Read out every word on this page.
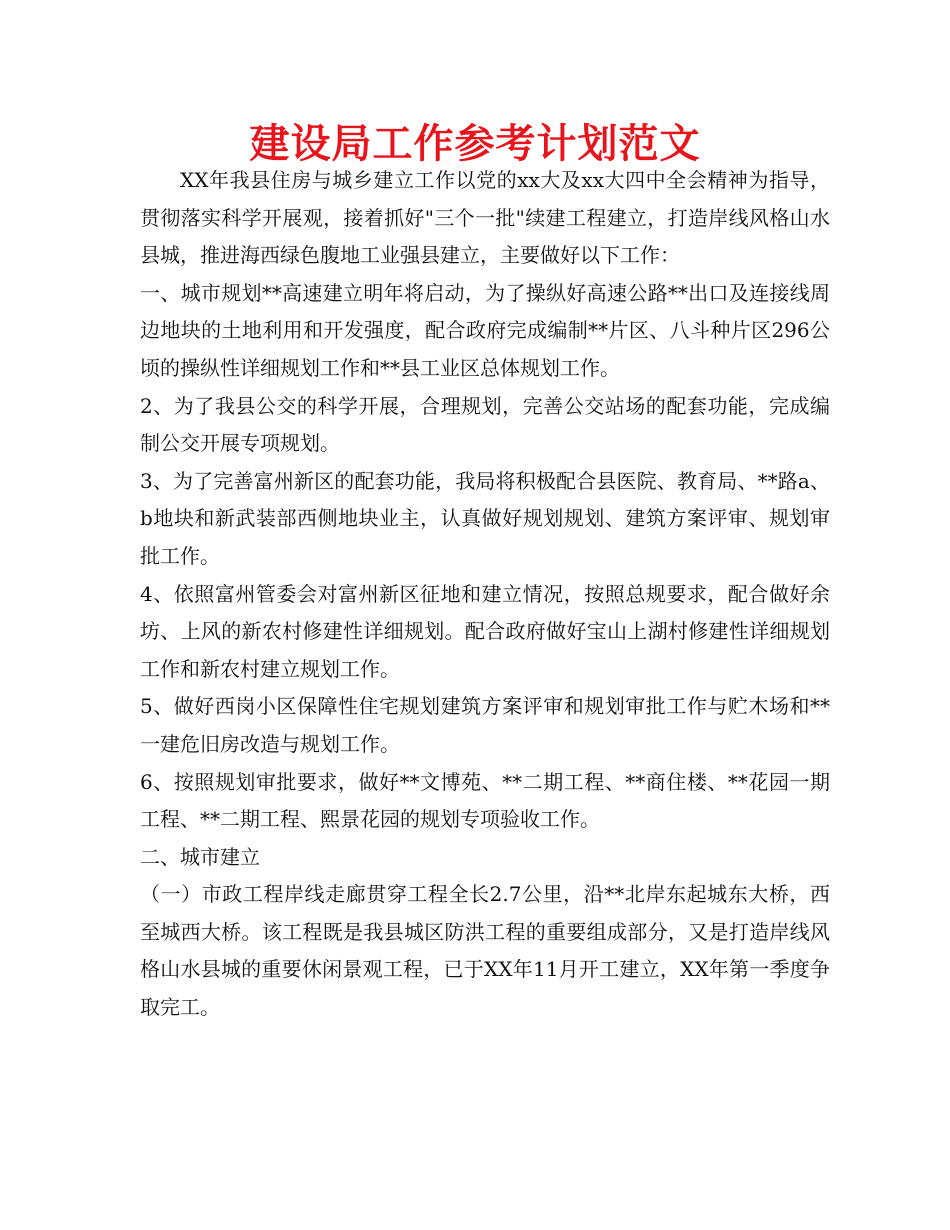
建设局工作参考计划范文

XX年我县住房与城乡建立工作以党的xx大及xx大四中全会精神为指导，贯彻落实科学开展观，接着抓好"三个一批"续建工程建立，打造岸线风格山水县城，推进海西绿色腹地工业强县建立，主要做好以下工作：

一、城市规划**高速建立明年将启动，为了操纵好高速公路**出口及连接线周边地块的土地利用和开发强度，配合政府完成编制**片区、八斗种片区296公顷的操纵性详细规划工作和**县工业区总体规划工作。

2、为了我县公交的科学开展，合理规划，完善公交站场的配套功能，完成编制公交开展专项规划。

3、为了完善富州新区的配套功能，我局将积极配合县医院、教育局、**路a、b地块和新武装部西侧地块业主，认真做好规划规划、建筑方案评审、规划审批工作。

4、依照富州管委会对富州新区征地和建立情况，按照总规要求，配合做好余坊、上风的新农村修建性详细规划。配合政府做好宝山上湖村修建性详细规划工作和新农村建立规划工作。

5、做好西岗小区保障性住宅规划建筑方案评审和规划审批工作与贮木场和**一建危旧房改造与规划工作。

6、按照规划审批要求，做好**文博苑、**二期工程、**商住楼、**花园一期工程、**二期工程、熙景花园的规划专项验收工作。

二、城市建立

（一）市政工程岸线走廊贯穿工程全长2.7公里，沿**北岸东起城东大桥，西至城西大桥。该工程既是我县城区防洪工程的重要组成部分，又是打造岸线风格山水县城的重要休闲景观工程，已于XX年11月开工建立，XX年第一季度争取完工。
